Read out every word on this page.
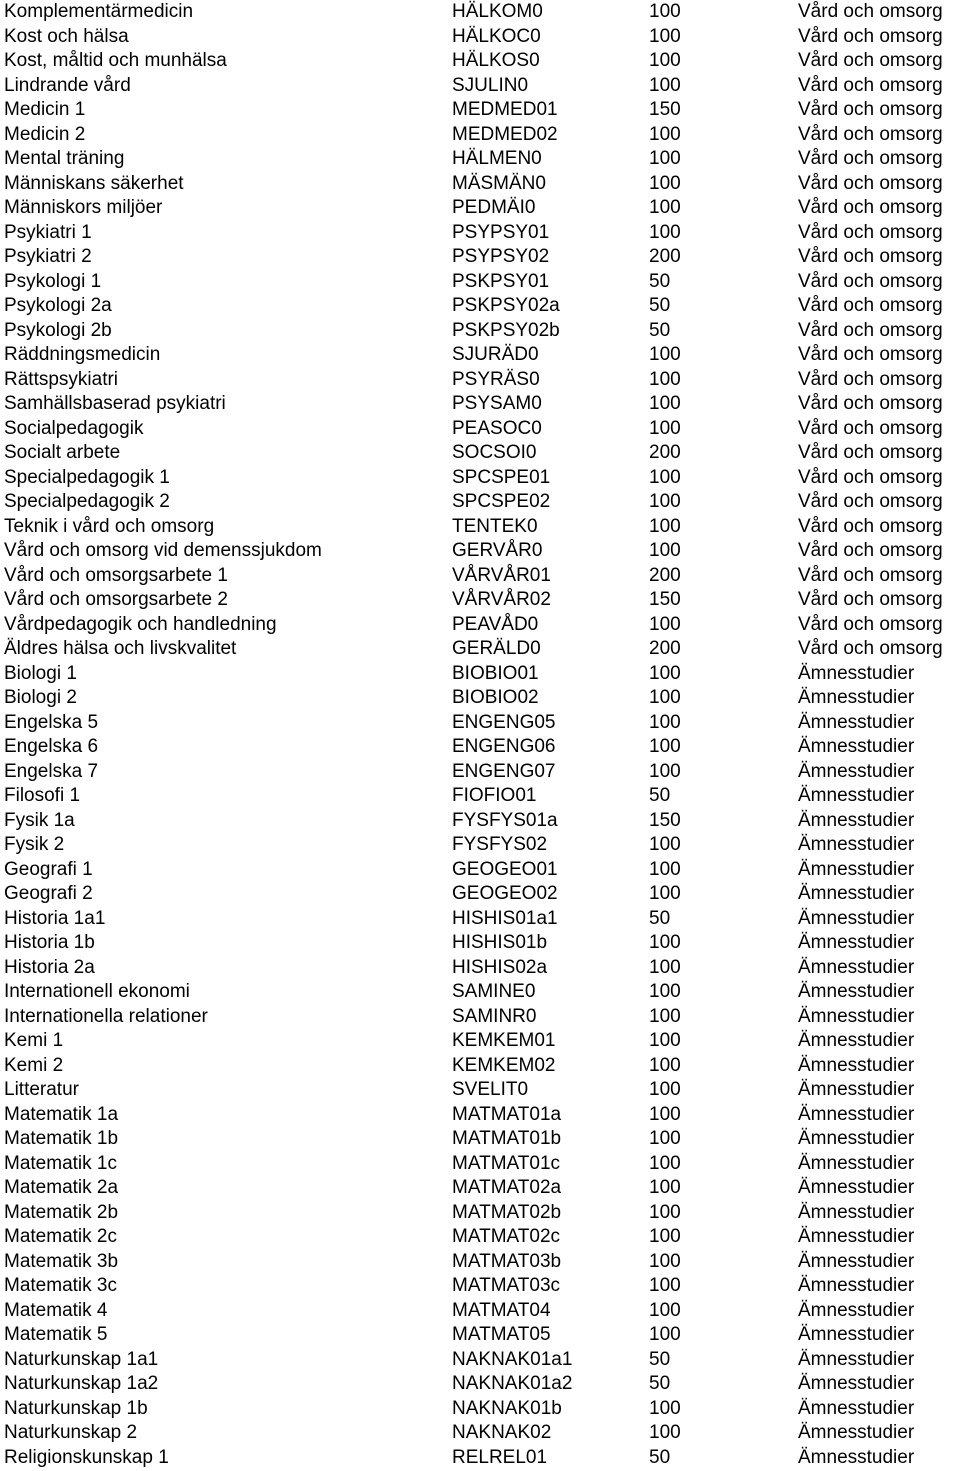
Komplementärmedicin	HÄLKOM0	100	Vård och omsorg
Kost och hälsa	HÄLKOC0	100	Vård och omsorg
Kost, måltid och munhälsa	HÄLKOS0	100	Vård och omsorg
Lindrande vård	SJULIN0	100	Vård och omsorg
Medicin 1	MEDMED01	150	Vård och omsorg
Medicin 2	MEDMED02	100	Vård och omsorg
Mental träning	HÄLMEN0	100	Vård och omsorg
Människans säkerhet	MÄSMÄN0	100	Vård och omsorg
Människors miljöer	PEDMÄI0	100	Vård och omsorg
Psykiatri 1	PSYPSY01	100	Vård och omsorg
Psykiatri 2	PSYPSY02	200	Vård och omsorg
Psykologi 1	PSKPSY01	50	Vård och omsorg
Psykologi 2a	PSKPSY02a	50	Vård och omsorg
Psykologi 2b	PSKPSY02b	50	Vård och omsorg
Räddningsmedicin	SJURÄD0	100	Vård och omsorg
Rättspsykiatri	PSYRÄS0	100	Vård och omsorg
Samhällsbaserad psykiatri	PSYSAM0	100	Vård och omsorg
Socialpedagogik	PEASOC0	100	Vård och omsorg
Socialt arbete	SOCSOI0	200	Vård och omsorg
Specialpedagogik 1	SPCSPE01	100	Vård och omsorg
Specialpedagogik 2	SPCSPE02	100	Vård och omsorg
Teknik i vård och omsorg	TENTEK0	100	Vård och omsorg
Vård och omsorg vid demenssjukdom	GERVÅR0	100	Vård och omsorg
Vård och omsorgsarbete 1	VÅRVÅR01	200	Vård och omsorg
Vård och omsorgsarbete 2	VÅRVÅR02	150	Vård och omsorg
Vårdpedagogik och handledning	PEAVÅD0	100	Vård och omsorg
Äldres hälsa och livskvalitet	GERÄLD0	200	Vård och omsorg
Biologi 1	BIOBIO01	100	Ämnesstudier
Biologi 2	BIOBIO02	100	Ämnesstudier
Engelska 5	ENGENG05	100	Ämnesstudier
Engelska 6	ENGENG06	100	Ämnesstudier
Engelska 7	ENGENG07	100	Ämnesstudier
Filosofi 1	FIOFIO01	50	Ämnesstudier
Fysik 1a	FYSFYS01a	150	Ämnesstudier
Fysik 2	FYSFYS02	100	Ämnesstudier
Geografi 1	GEOGEO01	100	Ämnesstudier
Geografi 2	GEOGEO02	100	Ämnesstudier
Historia 1a1	HISHIS01a1	50	Ämnesstudier
Historia 1b	HISHIS01b	100	Ämnesstudier
Historia 2a	HISHIS02a	100	Ämnesstudier
Internationell ekonomi	SAMINE0	100	Ämnesstudier
Internationella relationer	SAMINR0	100	Ämnesstudier
Kemi 1	KEMKEM01	100	Ämnesstudier
Kemi 2	KEMKEM02	100	Ämnesstudier
Litteratur	SVELIT0	100	Ämnesstudier
Matematik 1a	MATMAT01a	100	Ämnesstudier
Matematik 1b	MATMAT01b	100	Ämnesstudier
Matematik 1c	MATMAT01c	100	Ämnesstudier
Matematik 2a	MATMAT02a	100	Ämnesstudier
Matematik 2b	MATMAT02b	100	Ämnesstudier
Matematik 2c	MATMAT02c	100	Ämnesstudier
Matematik 3b	MATMAT03b	100	Ämnesstudier
Matematik 3c	MATMAT03c	100	Ämnesstudier
Matematik 4	MATMAT04	100	Ämnesstudier
Matematik 5	MATMAT05	100	Ämnesstudier
Naturkunskap 1a1	NAKNAK01a1	50	Ämnesstudier
Naturkunskap 1a2	NAKNAK01a2	50	Ämnesstudier
Naturkunskap 1b	NAKNAK01b	100	Ämnesstudier
Naturkunskap 2	NAKNAK02	100	Ämnesstudier
Religionskunskap 1	RELREL01	50	Ämnesstudier
